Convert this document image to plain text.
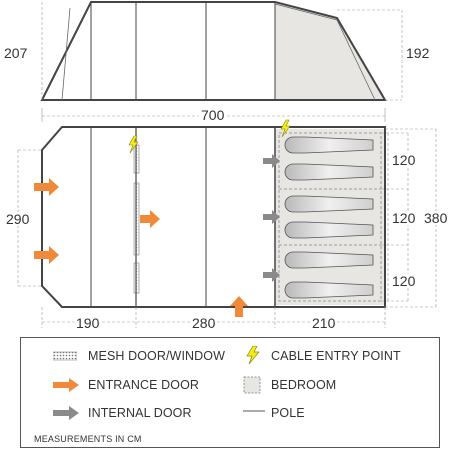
207	192
700
290
120
120 380
120
190	280	210
MESH DOOR/WINDOW
ENTRANCE DOOR
INTERNAL DOOR
CABLE ENTRY POINT
BEDROOM
POLE
MEASUREMENTS IN CM
